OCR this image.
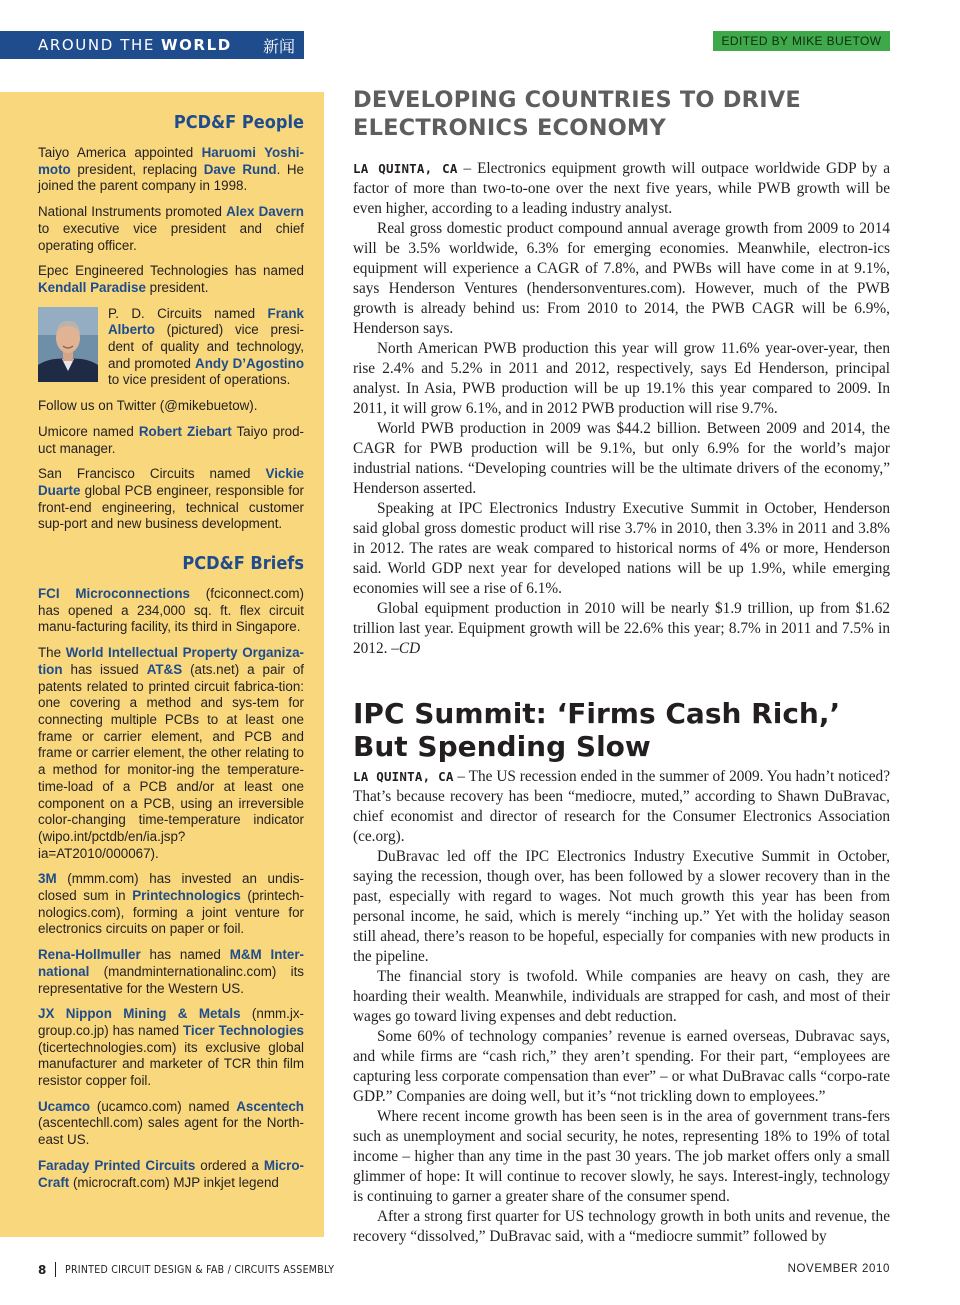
AROUND THE WORLD 新闻	EDITED BY MIKE BUETOW
PCD&F People

Taiyo America appointed Haruomi Yoshi-moto president, replacing Dave Rund. He joined the parent company in 1998.

National Instruments promoted Alex Davern to executive vice president and chief operating officer.

Epec Engineered Technologies has named Kendall Paradise president.

P. D. Circuits named Frank Alberto (pictured) vice presi-dent of quality and technology, and promoted Andy D’Agostino to vice president of operations.

Follow us on Twitter (@mikebuetow).

Umicore named Robert Ziebart Taiyo prod-uct manager.

San Francisco Circuits named Vickie Duarte global PCB engineer, responsible for front-end engineering, technical customer sup-port and new business development.

PCD&F Briefs

FCI Microconnections (fciconnect.com) has opened a 234,000 sq. ft. flex circuit manu-facturing facility, its third in Singapore.

The World Intellectual Property Organiza-tion has issued AT&S (ats.net) a pair of patents related to printed circuit fabrica-tion: one covering a method and sys-tem for connecting multiple PCBs to at least one frame or carrier element, and PCB and frame or carrier element, the other relating to a method for monitor-ing the temperature-time-load of a PCB and/or at least one component on a PCB, using an irreversible color-changing time-temperature indicator (wipo.int/pctdb/en/ia.jsp?ia=AT2010/000067).

3M (mmm.com) has invested an undis-closed sum in Printechnologics (printech-nologics.com), forming a joint venture for electronics circuits on paper or foil.

Rena-Hollmuller has named M&M Inter-national (mandminternationalinc.com) its representative for the Western US.

JX Nippon Mining & Metals (nmm.jx-group.co.jp) has named Ticer Technologies (ticertechnologies.com) its exclusive global manufacturer and marketer of TCR thin film resistor copper foil.

Ucamco (ucamco.com) named Ascentech (ascentechll.com) sales agent for the North-east US.

Faraday Printed Circuits ordered a Micro-Craft (microcraft.com) MJP inkjet legend

DEVELOPING COUNTRIES TO DRIVE ELECTRONICS ECONOMY

LA QUINTA, CA – Electronics equipment growth will outpace worldwide GDP by a factor of more than two-to-one over the next five years, while PWB growth will be even higher, according to a leading industry analyst.

Real gross domestic product compound annual average growth from 2009 to 2014 will be 3.5% worldwide, 6.3% for emerging economies. Meanwhile, electron-ics equipment will experience a CAGR of 7.8%, and PWBs will have come in at 9.1%, says Henderson Ventures (hendersonventures.com). However, much of the PWB growth is already behind us: From 2010 to 2014, the PWB CAGR will be 6.9%, Henderson says.

North American PWB production this year will grow 11.6% year-over-year, then rise 2.4% and 5.2% in 2011 and 2012, respectively, says Ed Henderson, principal analyst. In Asia, PWB production will be up 19.1% this year compared to 2009. In 2011, it will grow 6.1%, and in 2012 PWB production will rise 9.7%.

World PWB production in 2009 was $44.2 billion. Between 2009 and 2014, the CAGR for PWB production will be 9.1%, but only 6.9% for the world’s major industrial nations. “Developing countries will be the ultimate drivers of the economy,” Henderson asserted.

Speaking at IPC Electronics Industry Executive Summit in October, Henderson said global gross domestic product will rise 3.7% in 2010, then 3.3% in 2011 and 3.8% in 2012. The rates are weak compared to historical norms of 4% or more, Henderson said. World GDP next year for developed nations will be up 1.9%, while emerging economies will see a rise of 6.1%.

Global equipment production in 2010 will be nearly $1.9 trillion, up from $1.62 trillion last year. Equipment growth will be 22.6% this year; 8.7% in 2011 and 7.5% in 2012. –CD

IPC Summit: ‘Firms Cash Rich,’ But Spending Slow

LA QUINTA, CA – The US recession ended in the summer of 2009. You hadn’t noticed? That’s because recovery has been “mediocre, muted,” according to Shawn DuBravac, chief economist and director of research for the Consumer Electronics Association (ce.org).

DuBravac led off the IPC Electronics Industry Executive Summit in October, saying the recession, though over, has been followed by a slower recovery than in the past, especially with regard to wages. Not much growth this year has been from personal income, he said, which is merely “inching up.” Yet with the holiday season still ahead, there’s reason to be hopeful, especially for companies with new products in the pipeline.

The financial story is twofold. While companies are heavy on cash, they are hoarding their wealth. Meanwhile, individuals are strapped for cash, and most of their wages go toward living expenses and debt reduction.

Some 60% of technology companies’ revenue is earned overseas, Dubravac says, and while firms are “cash rich,” they aren’t spending. For their part, “employees are capturing less corporate compensation than ever” – or what DuBravac calls “corpo-rate GDP.” Companies are doing well, but it’s “not trickling down to employees.”

Where recent income growth has been seen is in the area of government trans-fers such as unemployment and social security, he notes, representing 18% to 19% of total income – higher than any time in the past 30 years. The job market offers only a small glimmer of hope: It will continue to recover slowly, he says. Interest-ingly, technology is continuing to garner a greater share of the consumer spend.

After a strong first quarter for US technology growth in both units and revenue, the recovery “dissolved,” DuBravac said, with a “mediocre summit” followed by

8 PRINTED CIRCUIT DESIGN & FAB / CIRCUITS ASSEMBLY	NOVEMBER 2010
